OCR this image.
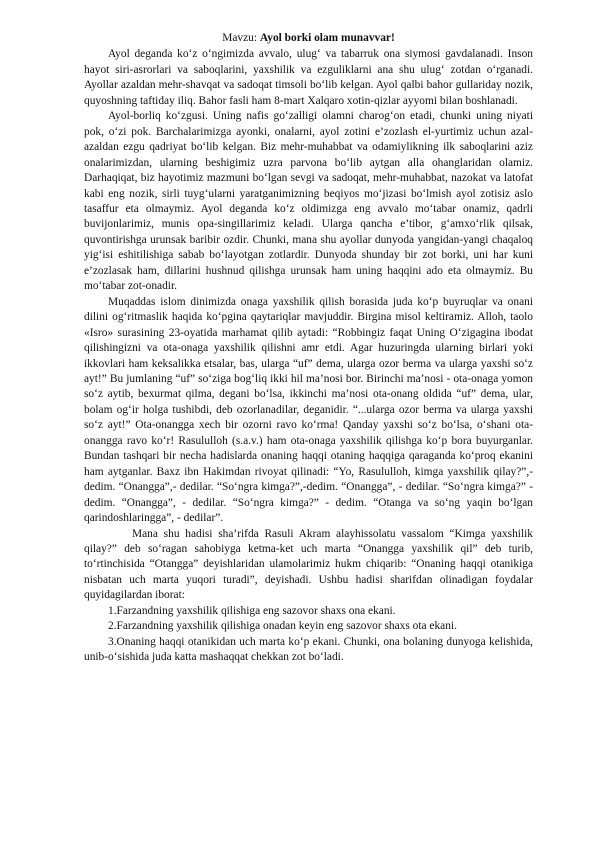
Mavzu: Ayol borki olam munavvar!

Ayol deganda ko‘z o‘ngimizda avvalo, ulug‘ va tabarruk ona siymosi gavdalanadi. Inson hayot siri-asrorlari va saboqlarini, yaxshilik va ezguliklarni ana shu ulug‘ zotdan o‘rganadi. Ayollar azaldan mehr-shavqat va sadoqat timsoli bo‘lib kelgan. Ayol qalbi bahor gullariday nozik, quyoshning taftiday iliq. Bahor fasli ham 8-mart Xalqaro xotin-qizlar ayyomi bilan boshlanadi.

Ayol-borliq ko‘zgusi. Uning nafis go‘zalligi olamni charog‘on etadi, chunki uning niyati pok, o‘zi pok. Barchalarimizga ayonki, onalarni, ayol zotini e’zozlash el-yurtimiz uchun azal-azaldan ezgu qadriyat bo‘lib kelgan. Biz mehr-muhabbat va odamiylikning ilk saboqlarini aziz onalarimizdan, ularning beshigimiz uzra parvona bo‘lib aytgan alla ohanglaridan olamiz. Darhaqiqat, biz hayotimiz mazmuni bo‘lgan sevgi va sadoqat, mehr-muhabbat, nazokat va latofat kabi eng nozik, sirli tuyg‘ularni yaratganimizning beqiyos mo‘jizasi bo‘lmish ayol zotisiz aslo tasaffur eta olmaymiz. Ayol deganda ko‘z oldimizga eng avvalo mo‘tabar onamiz, qadrli buvijonlarimiz, munis opa-singillarimiz keladi. Ularga qancha e’tibor, g‘amxo‘rlik qilsak, quvontirishga urunsak baribir ozdir. Chunki, mana shu ayollar dunyoda yangidan-yangi chaqaloq yig‘isi eshitilishiga sabab bo‘layotgan zotlardir. Dunyoda shunday bir zot borki, uni har kuni e’zozlasak ham, dillarini hushnud qilishga urunsak ham uning haqqini ado eta olmaymiz. Bu mo‘tabar zot-onadir.

Muqaddas islom dinimizda onaga yaxshilik qilish borasida juda ko‘p buyruqlar va onani dilini og‘ritmaslik haqida ko‘pgina qaytariqlar mavjuddir. Birgina misol keltiramiz. Alloh, taolo «Isro» surasining 23-oyatida marhamat qilib aytadi: “Robbingiz faqat Uning O‘zigagina ibodat qilishingizni va ota-onaga yaxshilik qilishni amr etdi. Agar huzuringda ularning birlari yoki ikkovlari ham keksalikka etsalar, bas, ularga “uf” dema, ularga ozor berma va ularga yaxshi so‘z ayt!” Bu jumlaning “uf” so‘ziga bog‘liq ikki hil ma’nosi bor. Birinchi ma’nosi - ota-onaga yomon so‘z aytib, bexurmat qilma, degani bo‘lsa, ikkinchi ma’nosi ota-onang oldida “uf” dema, ular, bolam og‘ir holga tushibdi, deb ozorlanadilar, deganidir. “...ularga ozor berma va ularga yaxshi so‘z ayt!” Ota-onangga xech bir ozorni ravo ko‘rma! Qanday yaxshi so‘z bo‘lsa, o‘shani ota-onangga ravo ko‘r! Rasululloh (s.a.v.) ham ota-onaga yaxshilik qilishga ko‘p bora buyurganlar. Bundan tashqari bir necha hadislarda onaning haqqi otaning haqqiga qaraganda ko‘proq ekanini ham aytganlar. Baxz ibn Hakimdan rivoyat qilinadi: “Yo, Rasululloh, kimga yaxshilik qilay?”,- dedim. “Onangga”,- dedilar. “So‘ngra kimga?”,-dedim. “Onangga”, - dedilar. “So‘ngra kimga?” - dedim. “Onangga”, - dedilar. “So‘ngra kimga?” - dedim. “Otanga va so‘ng yaqin bo‘lgan qarindoshlaringga”, - dedilar”.

Mana shu hadisi sha’rifda Rasuli Akram alayhissolatu vassalom “Kimga yaxshilik qilay?” deb so‘ragan sahobiyga ketma-ket uch marta “Onangga yaxshilik qil” deb turib, to‘rtinchisida “Otangga” deyishlaridan ulamolarimiz hukm chiqarib: “Onaning haqqi otanikiga nisbatan uch marta yuqori turadi”, deyishadi. Ushbu hadisi sharifdan olinadigan foydalar quyidagilardan iborat:

1.Farzandning yaxshilik qilishiga eng sazovor shaxs ona ekani.
2.Farzandning yaxshilik qilishiga onadan keyin eng sazovor shaxs ota ekani.
3.Onaning haqqi otanikidan uch marta ko‘p ekani. Chunki, ona bolaning dunyoga kelishida, unib-o‘sishida juda katta mashaqqat chekkan zot bo‘ladi.
